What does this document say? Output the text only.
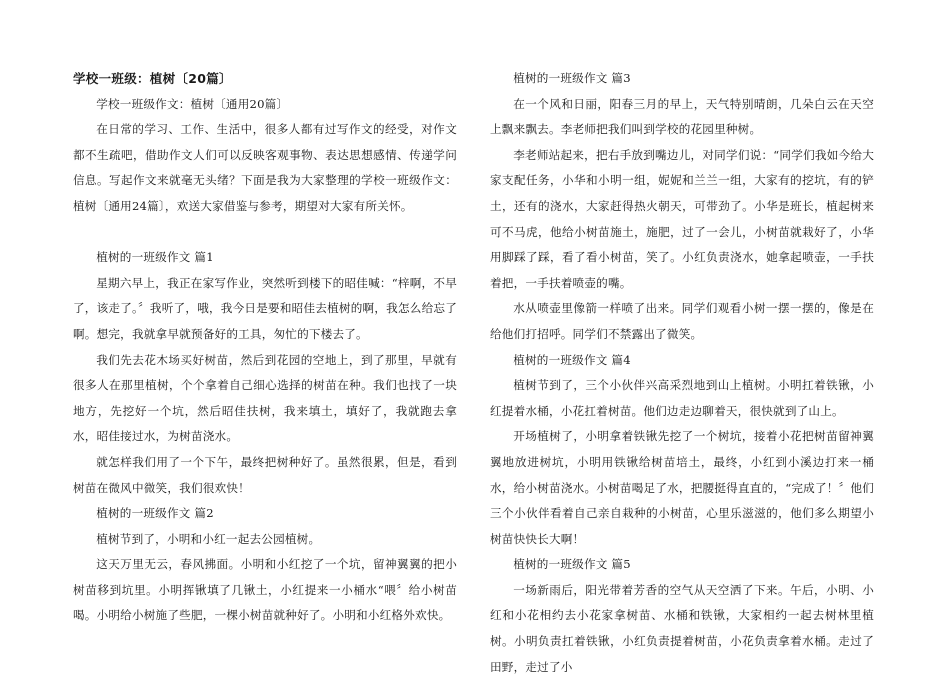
学校一班级：植树〔20篇〕

学校一班级作文：植树〔通用20篇〕

在日常的学习、工作、生活中，很多人都有过写作文的经受，对作文都不生疏吧，借助作文人们可以反映客观事物、表达思想感情、传递学问信息。写起作文来就毫无头绪？下面是我为大家整理的学校一班级作文：植树〔通用24篇〕，欢送大家借鉴与参考，期望对大家有所关怀。

植树的一班级作文 篇1

星期六早上，我正在家写作业，突然听到楼下的昭佳喊：“梓啊，不早了，该走了。〞我听了，哦，我今日是要和昭佳去植树的啊，我怎么给忘了啊。想完，我就拿早就预备好的工具，匆忙的下楼去了。

我们先去花木场买好树苗，然后到花园的空地上，到了那里，早就有很多人在那里植树，个个拿着自己细心选择的树苗在种。我们也找了一块地方，先挖好一个坑，然后昭佳扶树，我来填土，填好了，我就跑去拿水，昭佳接过水，为树苗浇水。

就怎样我们用了一个下午，最终把树种好了。虽然很累，但是，看到树苗在微风中微笑，我们很欢快！

植树的一班级作文 篇2

植树节到了，小明和小红一起去公园植树。

这天万里无云，春风拂面。小明和小红挖了一个坑，留神翼翼的把小树苗移到坑里。小明挥锹填了几锹土，小红提来一小桶水“喂〞给小树苗喝。小明给小树施了些肥，一棵小树苗就种好了。小明和小红格外欢快。

植树的一班级作文 篇3

在一个风和日丽，阳春三月的早上，天气特别晴朗，几朵白云在天空上飘来飘去。李老师把我们叫到学校的花园里种树。

李老师站起来，把右手放到嘴边儿，对同学们说：“同学们我如今给大家支配任务，小华和小明一组，妮妮和兰兰一组，大家有的挖坑，有的铲土，还有的浇水，大家赶得热火朝天，可带劲了。小华是班长，植起树来可不马虎，他给小树苗施土，施肥，过了一会儿，小树苗就栽好了，小华用脚踩了踩，看了看小树苗，笑了。小红负责浇水，她拿起喷壶，一手扶着把，一手扶着喷壶的嘴。

水从喷壶里像箭一样喷了出来。同学们观看小树一摆一摆的，像是在给他们打招呼。同学们不禁露出了微笑。

植树的一班级作文 篇4

植树节到了，三个小伙伴兴高采烈地到山上植树。小明扛着铁锹，小红提着水桶，小花扛着树苗。他们边走边聊着天，很快就到了山上。

开场植树了，小明拿着铁锹先挖了一个树坑，接着小花把树苗留神翼翼地放进树坑，小明用铁锹给树苗培土，最终，小红到小溪边打来一桶水，给小树苗浇水。小树苗喝足了水，把腰挺得直直的，“完成了！〞他们三个小伙伴看着自己亲自栽种的小树苗，心里乐滋滋的，他们多么期望小树苗快快长大啊！

植树的一班级作文 篇5

一场新雨后，阳光带着芳香的空气从天空洒了下来。午后，小明、小红和小花相约去小花家拿树苗、水桶和铁锹，大家相约一起去树林里植树。小明负责扛着铁锹，小红负责提着树苗，小花负责拿着水桶。走过了田野，走过了小
